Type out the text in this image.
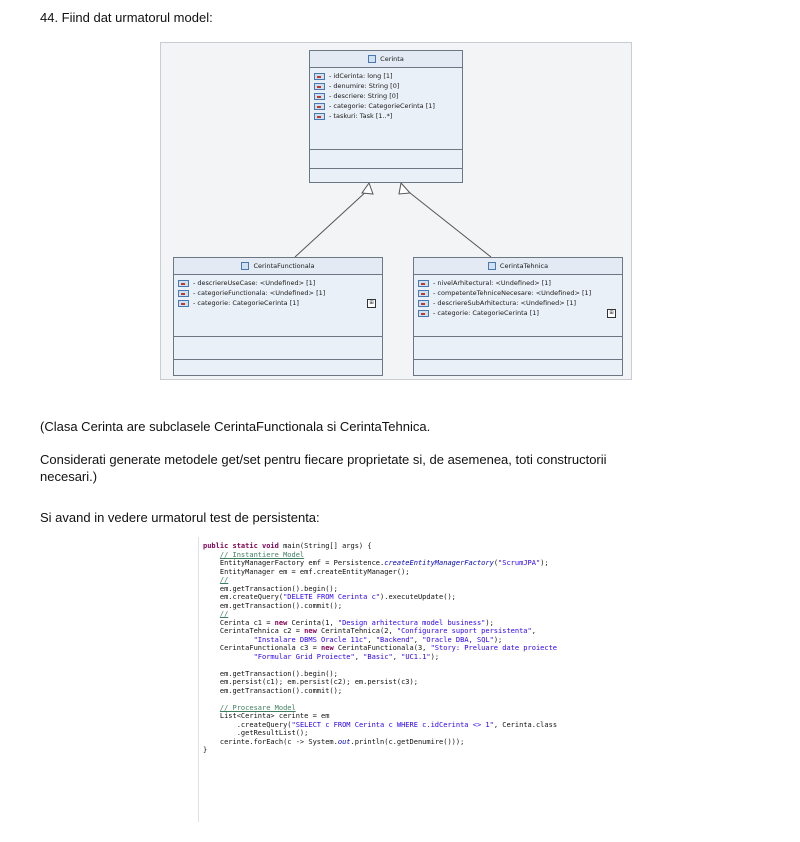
44. Fiind dat urmatorul model:
Cerinta
- idCerinta: long [1]
- denumire: String [0]
- descriere: String [0]
- categorie: CategorieCerinta [1]
- taskuri: Task [1..*]
CerintaFunctionala
- descriereUseCase: <Undefined> [1]
- categorieFunctionala: <Undefined> [1]
- categorie: CategorieCerinta [1]	⊞
CerintaTehnica
- nivelArhitectural: <Undefined> [1]
- competenteTehniceNecesare: <Undefined> [1]
- descriereSubArhitectura: <Undefined> [1]
- categorie: CategorieCerinta [1]	⊞
(Clasa Cerinta are subclasele CerintaFunctionala si CerintaTehnica.
Considerati generate metodele get/set pentru fiecare proprietate si, de asemenea, toti constructorii
necesari.)
Si avand in vedere urmatorul test de persistenta:
public static void main(String[] args) {
// Instantiere Model
EntityManagerFactory emf = Persistence.createEntityManagerFactory("ScrumJPA");
EntityManager em = emf.createEntityManager();
//
em.getTransaction().begin();
em.createQuery("DELETE FROM Cerinta c").executeUpdate();
em.getTransaction().commit();
//
Cerinta c1 = new Cerinta(1, "Design arhitectura model business");
CerintaTehnica c2 = new CerintaTehnica(2, "Configurare suport persistenta",
"Instalare DBMS Oracle 11c", "Backend", "Oracle DBA, SQL");
CerintaFunctionala c3 = new CerintaFunctionala(3, "Story: Preluare date proiecte
"Formular Grid Proiecte", "Basic", "UC1.1");
em.getTransaction().begin();
em.persist(c1); em.persist(c2); em.persist(c3);
em.getTransaction().commit();
// Procesare Model
List<Cerinta> cerinte = em
.createQuery("SELECT c FROM Cerinta c WHERE c.idCerinta <> 1", Cerinta.class
.getResultList();
cerinte.forEach(c -> System.out.println(c.getDenumire()));
}
